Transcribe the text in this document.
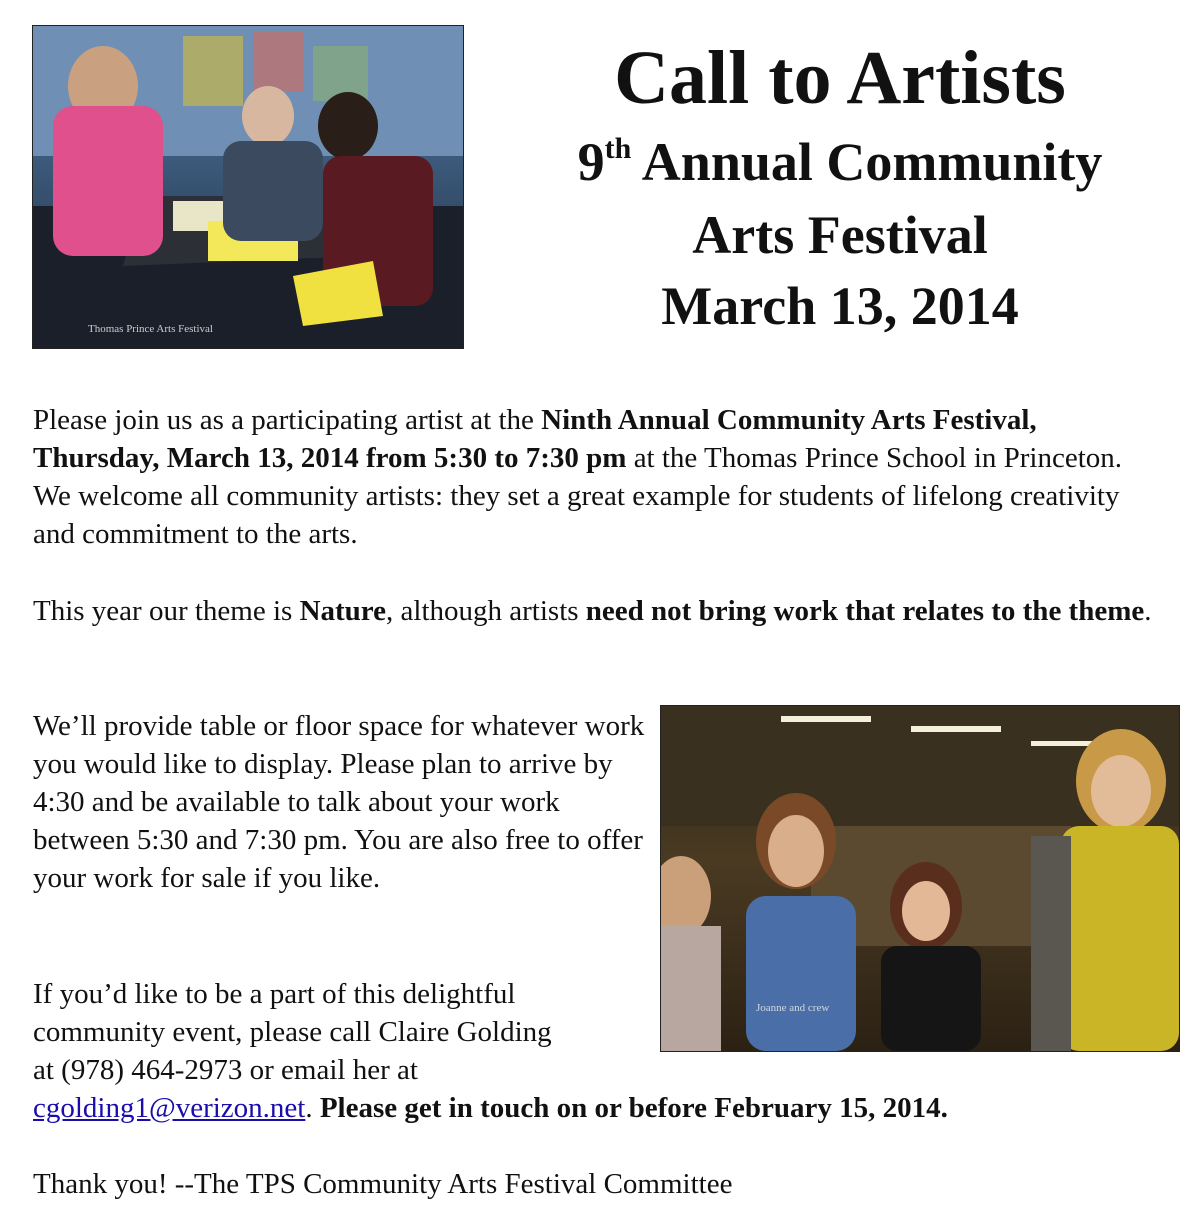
Thomas Prince Arts Festival
Call to Artists
9th Annual Community
Arts Festival
March 13, 2014
Please join us as a participating artist at the Ninth Annual Community Arts Festival, Thursday, March 13, 2014 from 5:30 to 7:30 pm at the Thomas Prince School in Princeton. We welcome all community artists: they set a great example for students of lifelong creativity and commitment to the arts.
This year our theme is Nature, although artists need not bring work that relates to the theme.
We’ll provide table or floor space for whatever work you would like to display. Please plan to arrive by 4:30 and be available to talk about your work between 5:30 and 7:30 pm. You are also free to offer your work for sale if you like.
Joanne and crew
If you’d like to be a part of this delightful
community event, please call Claire Golding
at (978) 464-2973 or email her at
cgolding1@verizon.net. Please get in touch on or before February 15, 2014.
Thank you! --The TPS Community Arts Festival Committee
